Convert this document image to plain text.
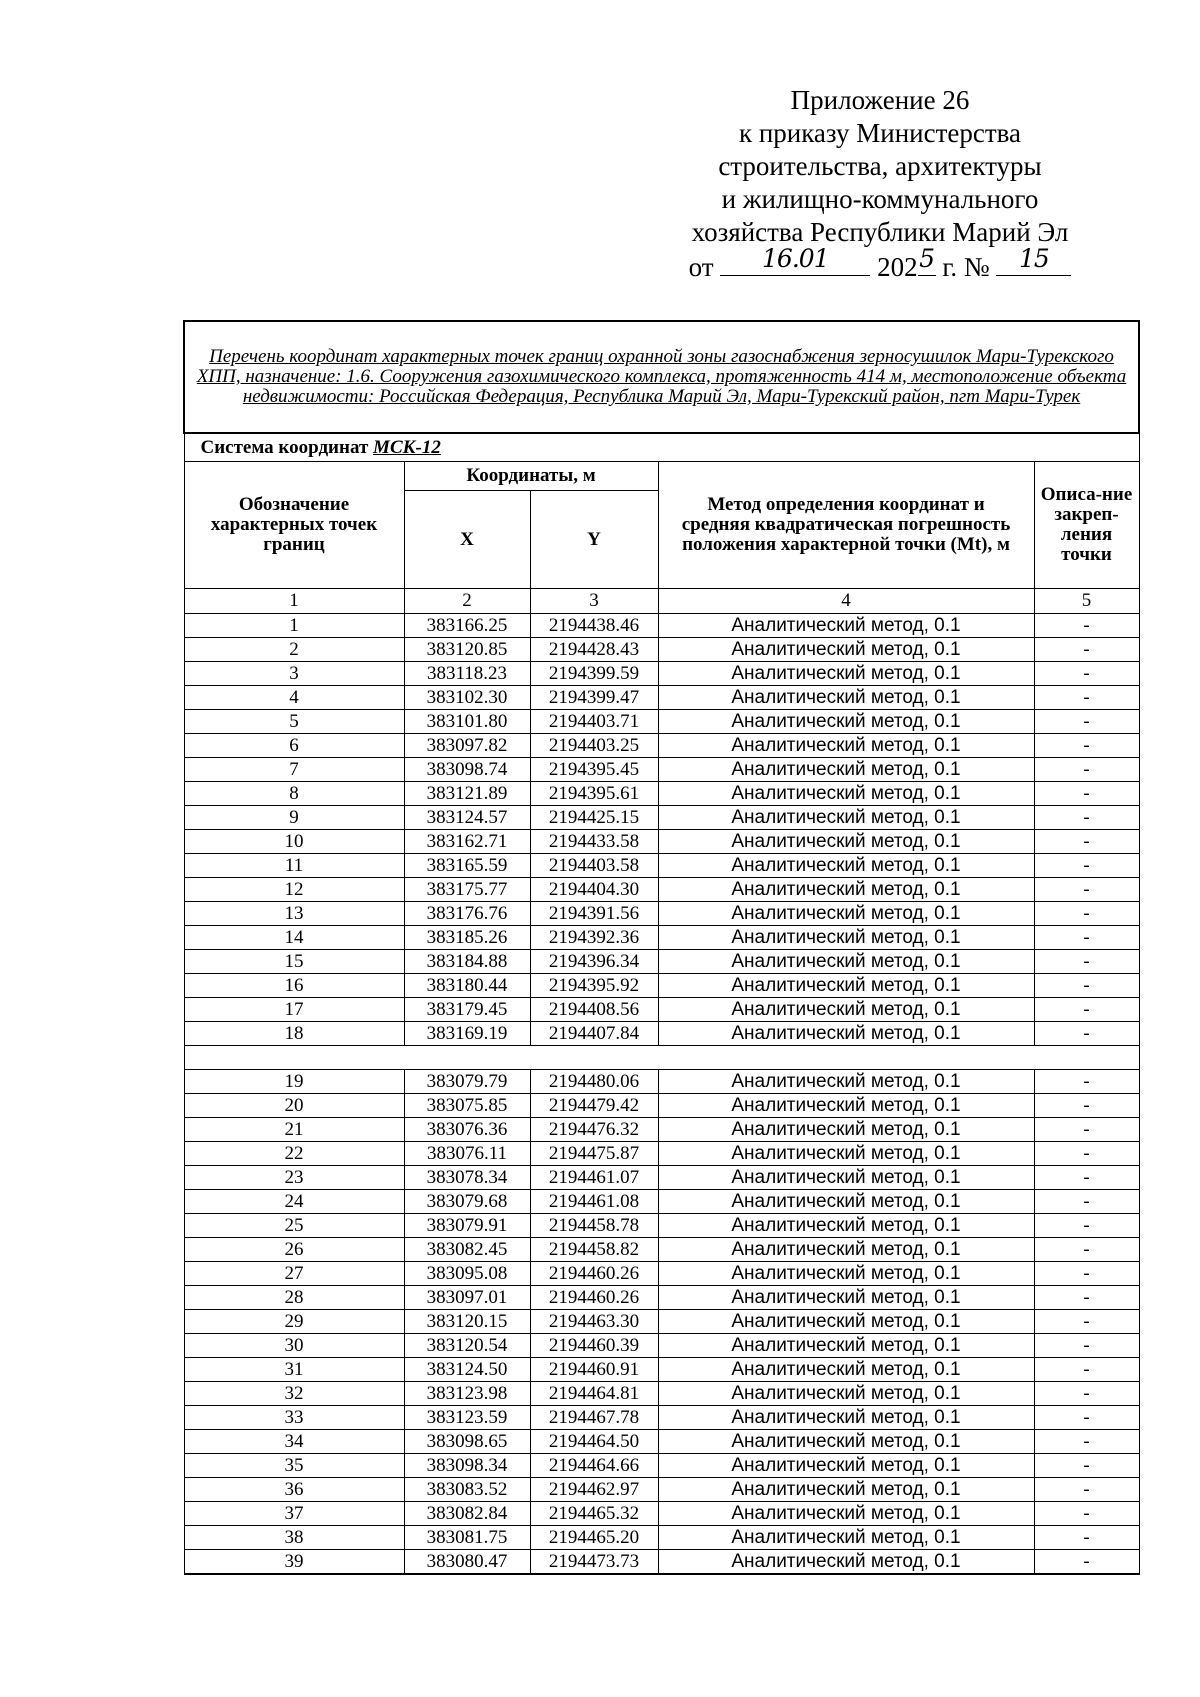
Приложение 26
к приказу Министерства
строительства, архитектуры
и жилищно-коммунального
хозяйства Республики Марий Эл
от	16.01	202 5 г. №	15
Перечень координат характерных точек границ охранной зоны газоснабжения зерносушилок Мари-Турекского ХПП, назначение: 1.6. Сооружения газохимического комплекса, протяженность 414 м, местоположение объекта недвижимости: Российская Федерация, Республика Марий Эл, Мари-Турекский район, пгт Мари-Турек				
Система координат МСК-12				
Обозначение характерных точек границ	Координаты, м		Метод определения координат и средняя квадратическая погрешность положения характерной точки (Mt), м	Описа-ние закреп-ления точки
	X	Y		
1	2	3	4	5
1	383166.25	2194438.46	Аналитический метод, 0.1	-
2	383120.85	2194428.43	Аналитический метод, 0.1	-
3	383118.23	2194399.59	Аналитический метод, 0.1	-
4	383102.30	2194399.47	Аналитический метод, 0.1	-
5	383101.80	2194403.71	Аналитический метод, 0.1	-
6	383097.82	2194403.25	Аналитический метод, 0.1	-
7	383098.74	2194395.45	Аналитический метод, 0.1	-
8	383121.89	2194395.61	Аналитический метод, 0.1	-
9	383124.57	2194425.15	Аналитический метод, 0.1	-
10	383162.71	2194433.58	Аналитический метод, 0.1	-
11	383165.59	2194403.58	Аналитический метод, 0.1	-
12	383175.77	2194404.30	Аналитический метод, 0.1	-
13	383176.76	2194391.56	Аналитический метод, 0.1	-
14	383185.26	2194392.36	Аналитический метод, 0.1	-
15	383184.88	2194396.34	Аналитический метод, 0.1	-
16	383180.44	2194395.92	Аналитический метод, 0.1	-
17	383179.45	2194408.56	Аналитический метод, 0.1	-
18	383169.19	2194407.84	Аналитический метод, 0.1	-

19	383079.79	2194480.06	Аналитический метод, 0.1	-
20	383075.85	2194479.42	Аналитический метод, 0.1	-
21	383076.36	2194476.32	Аналитический метод, 0.1	-
22	383076.11	2194475.87	Аналитический метод, 0.1	-
23	383078.34	2194461.07	Аналитический метод, 0.1	-
24	383079.68	2194461.08	Аналитический метод, 0.1	-
25	383079.91	2194458.78	Аналитический метод, 0.1	-
26	383082.45	2194458.82	Аналитический метод, 0.1	-
27	383095.08	2194460.26	Аналитический метод, 0.1	-
28	383097.01	2194460.26	Аналитический метод, 0.1	-
29	383120.15	2194463.30	Аналитический метод, 0.1	-
30	383120.54	2194460.39	Аналитический метод, 0.1	-
31	383124.50	2194460.91	Аналитический метод, 0.1	-
32	383123.98	2194464.81	Аналитический метод, 0.1	-
33	383123.59	2194467.78	Аналитический метод, 0.1	-
34	383098.65	2194464.50	Аналитический метод, 0.1	-
35	383098.34	2194464.66	Аналитический метод, 0.1	-
36	383083.52	2194462.97	Аналитический метод, 0.1	-
37	383082.84	2194465.32	Аналитический метод, 0.1	-
38	383081.75	2194465.20	Аналитический метод, 0.1	-
39	383080.47	2194473.73	Аналитический метод, 0.1	-
